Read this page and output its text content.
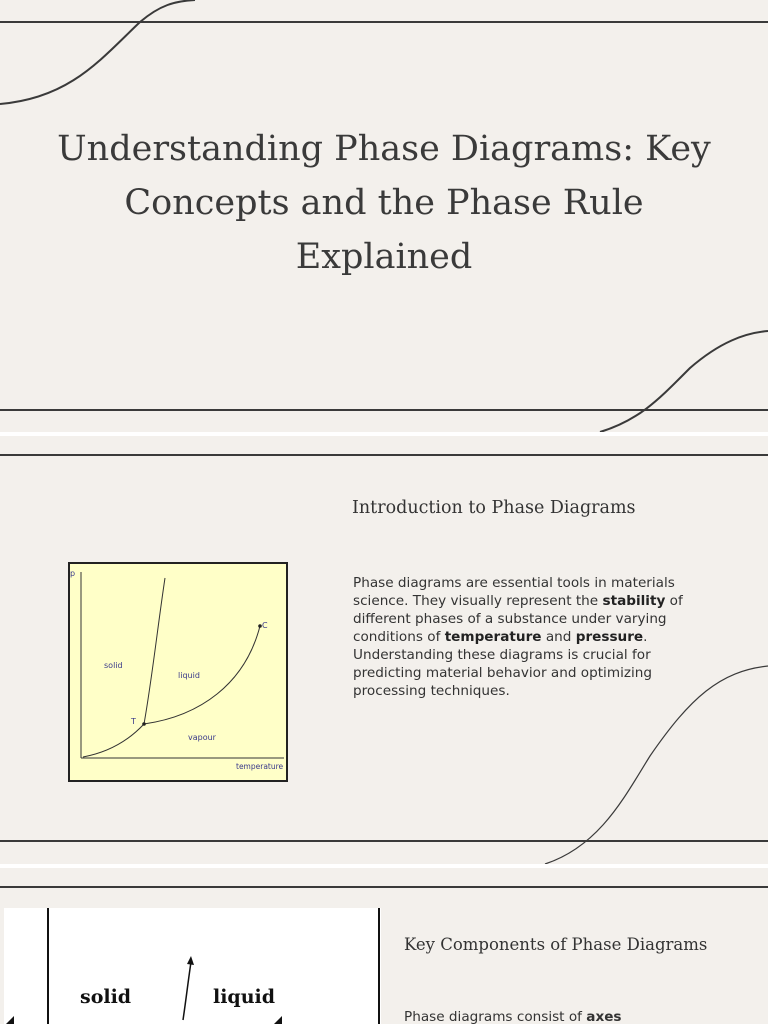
Understanding Phase Diagrams: Key Concepts and the Phase Rule Explained
Introduction to Phase Diagrams
p
temperature
solid
liquid
vapour
T
C

Phase diagrams are essential tools in materials science. They visually represent the stability of different phases of a substance under varying conditions of temperature and pressure. Understanding these diagrams is crucial for predicting material behavior and optimizing processing techniques.

solid	liquid
Key Components of Phase Diagrams

Phase diagrams consist of axes
